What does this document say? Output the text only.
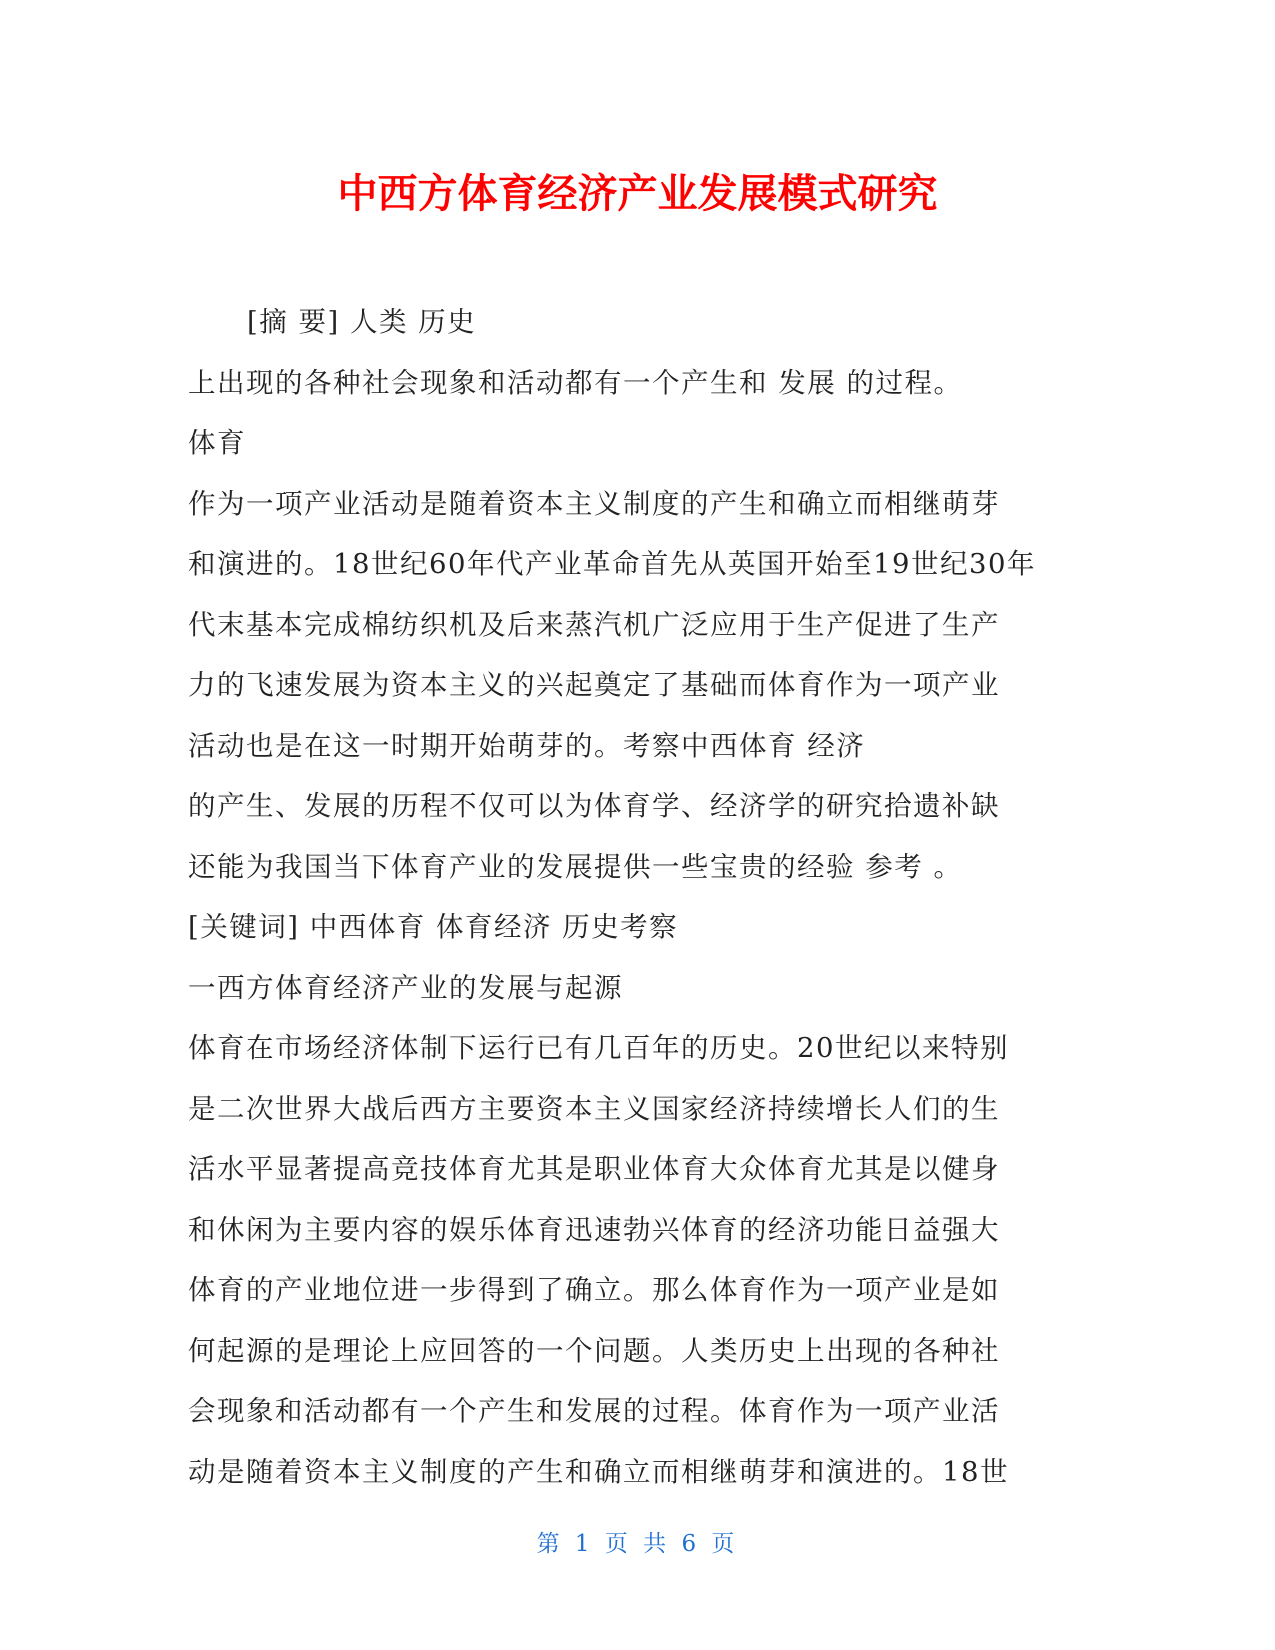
中西方体育经济产业发展模式研究
[摘 要] 人类 历史
上出现的各种社会现象和活动都有一个产生和 发展 的过程。
体育
作为一项产业活动是随着资本主义制度的产生和确立而相继萌芽
和演进的。18世纪60年代产业革命首先从英国开始至19世纪30年
代末基本完成棉纺织机及后来蒸汽机广泛应用于生产促进了生产
力的飞速发展为资本主义的兴起奠定了基础而体育作为一项产业
活动也是在这一时期开始萌芽的。考察中西体育 经济
的产生、发展的历程不仅可以为体育学、经济学的研究拾遗补缺
还能为我国当下体育产业的发展提供一些宝贵的经验 参考 。
[关键词] 中西体育 体育经济 历史考察
一西方体育经济产业的发展与起源
体育在市场经济体制下运行已有几百年的历史。20世纪以来特别
是二次世界大战后西方主要资本主义国家经济持续增长人们的生
活水平显著提高竞技体育尤其是职业体育大众体育尤其是以健身
和休闲为主要内容的娱乐体育迅速勃兴体育的经济功能日益强大
体育的产业地位进一步得到了确立。那么体育作为一项产业是如
何起源的是理论上应回答的一个问题。人类历史上出现的各种社
会现象和活动都有一个产生和发展的过程。体育作为一项产业活
动是随着资本主义制度的产生和确立而相继萌芽和演进的。18世
第 1 页 共 6 页
